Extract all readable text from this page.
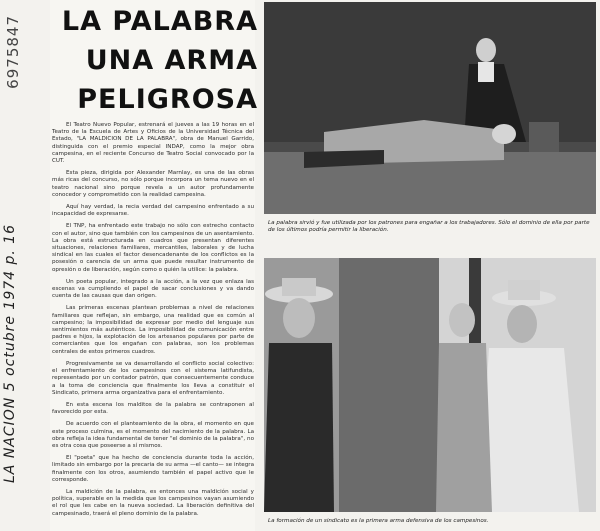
6975847
LA NACION 5 octubre 1974 p. 16
LA PALABRA
UNA ARMA
PELIGROSA

El Teatro Nuevo Popular, estrenará el jueves a las 19 horas en el Teatro de la Escuela de Artes y Oficios de la Universidad Técnica del Estado, "LA MALDICION DE LA PALABRA", obra de Manuel Garrido, distinguida con el premio especial INDAP, como la mejor obra campesina, en el reciente Concurso de Teatro Social convocado por la CUT.

Esta pieza, dirigida por Alexander Marnlay, es una de las obras más ricas del concurso, no sólo porque incorpora un tema nuevo en el teatro nacional sino porque revela a un autor profundamente conocedor y comprometido con la realidad campesina.

Aquí hay verdad, la recia verdad del campesino enfrentado a su incapacidad de expresarse.

El TNP, ha enfrentado este trabajo no sólo con estrecho contacto con el autor, sino que también con los campesinos de un asentamiento. La obra está estructurada en cuadros que presentan diferentes situaciones, relaciones familiares, mercantiles, laborales y de lucha sindical en las cuales el factor desencadenante de los conflictos es la posesión o carencia de un arma que puede resultar instrumento de opresión o de liberación, según como o quién la utilice: la palabra.

Un poeta popular, integrado a la acción, a la vez que enlaza las escenas va cumpliendo el papel de sacar conclusiones y va dando cuenta de las causas que dan origen.

Las primeras escenas plantean problemas a nivel de relaciones familiares que reflejan, sin embargo, una realidad que es común al campesino; la imposibilidad de expresar por medio del lenguaje sus sentimientos más auténticos. La imposibilidad de comunicación entre padres e hijos, la explotación de los artesanos populares por parte de comerciantes que los engañan con palabras, son los problemas centrales de estos primeros cuadros.

Progresivamente se va desarrollando el conflicto social colectivo: el enfrentamiento de los campesinos con el sistema latifundista, representado por un contador patrón, que consecuentemente conduce a la toma de conciencia que finalmente los lleva a constituir el Sindicato, primera arma organizativa para el enfrentamiento.

En esta escena los malditos de la palabra se contraponen al favorecido por esta.

De acuerdo con el planteamiento de la obra, el momento en que este proceso culmina, es el momento del nacimiento de la palabra. La obra refleja la idea fundamental de tener "el dominio de la palabra", no es otra cosa que poseerse a sí mismos.

El "poeta" que ha hecho de conciencia durante toda la acción, limitado sin embargo por la precaria de su arma —el canto— se integra finalmente con los otros, asumiendo también el papel activo que le corresponde.

La maldición de la palabra, es entonces una maldición social y política, superable en la medida que los campesinos vayan asumiendo el rol que les cabe en la nueva sociedad. La liberación definitiva del campesinado, traerá el pleno dominio de la palabra.

La palabra sirvió y fue utilizada por los patrones para engañar a los trabajadores. Sólo el dominio de ella por parte de los últimos podría permitir la liberación.
La formación de un sindicato es la primera arma defensiva de los campesinos.
